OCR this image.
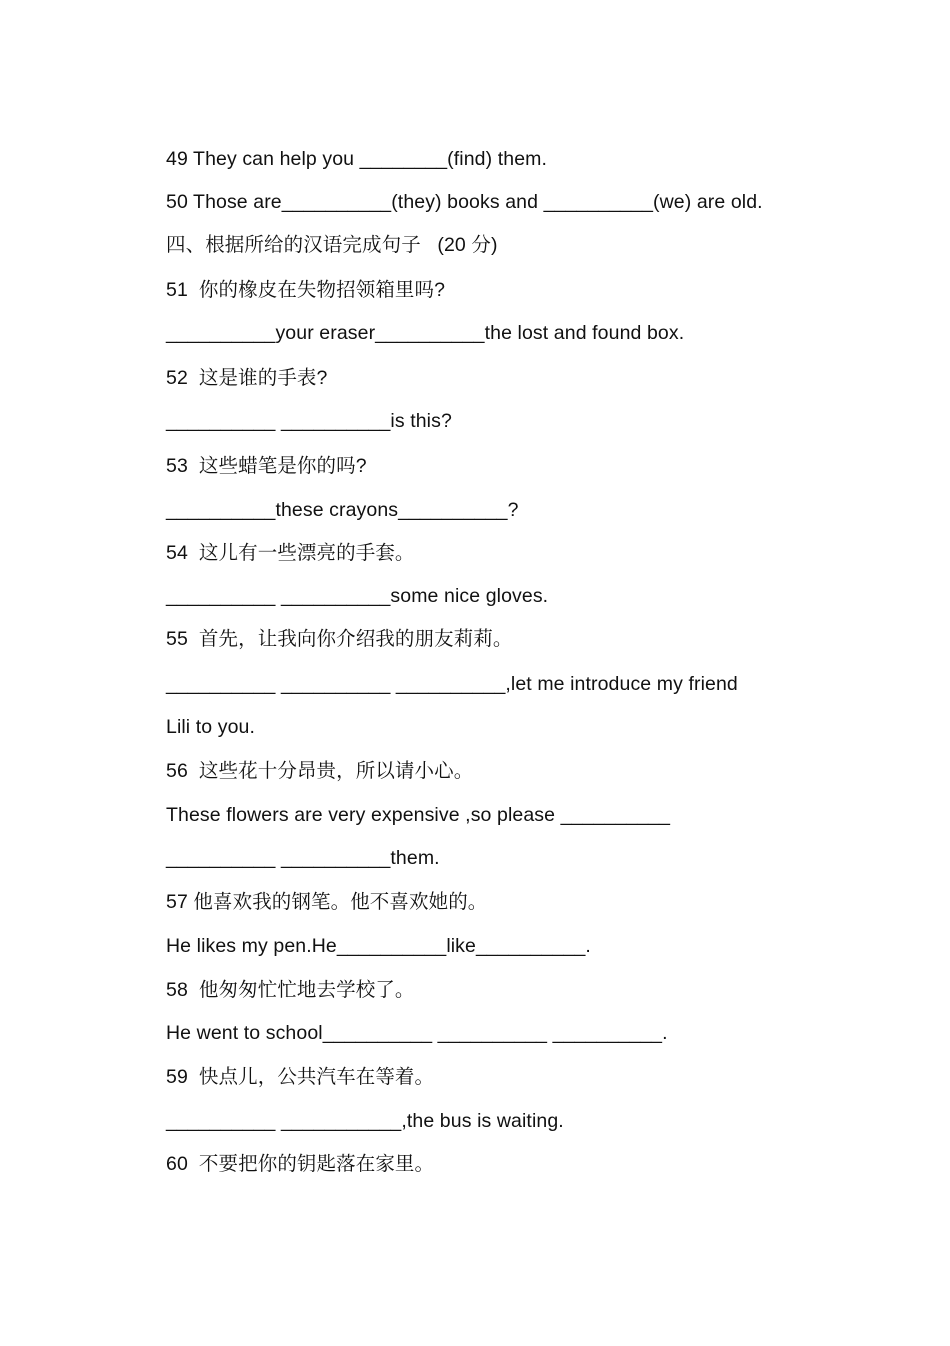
49 They can help you ________(find) them.
50 Those are__________(they) books and __________(we) are old.
四、根据所给的汉语完成句子   (20 分)
51  你的橡皮在失物招领箱里吗?
__________your eraser__________the lost and found box.
52  这是谁的手表?
__________ __________is this?
53  这些蜡笔是你的吗?
__________these crayons__________?
54  这儿有一些漂亮的手套。
__________ __________some nice gloves.
55  首先，让我向你介绍我的朋友莉莉。
__________ __________ __________,let me introduce my friend
Lili to you.
56  这些花十分昂贵，所以请小心。
These flowers are very expensive ,so please __________
__________ __________them.
57 他喜欢我的钢笔。他不喜欢她的。
He likes my pen.He__________like__________.
58  他匆匆忙忙地去学校了。
He went to school__________ __________ __________.
59  快点儿，公共汽车在等着。
__________ ___________,the bus is waiting.
60  不要把你的钥匙落在家里。
